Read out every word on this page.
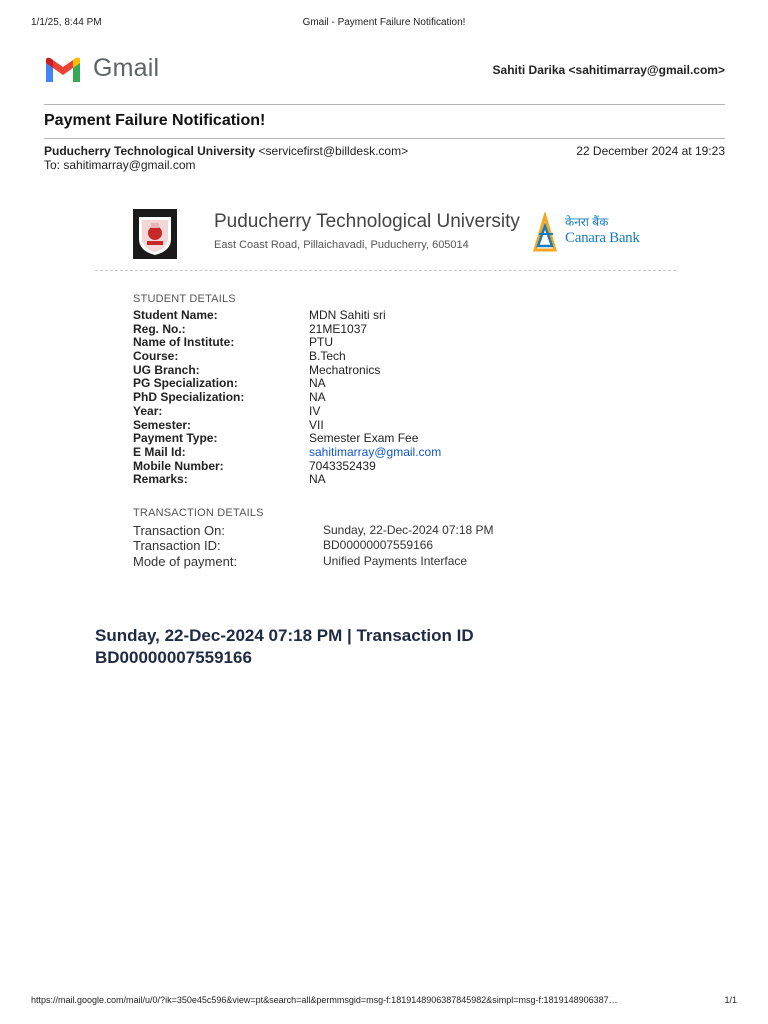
1/1/25, 8:44 PM	Gmail - Payment Failure Notification!
Gmail	Sahiti Darika <sahitimarray@gmail.com>
Payment Failure Notification!
Puducherry Technological University <servicefirst@billdesk.com>
To: sahitimarray@gmail.com
22 December 2024 at 19:23
Puducherry Technological University
East Coast Road, Pillaichavadi, Puducherry, 605014
केनरा बैंक
Canara Bank
STUDENT DETAILS
Student Name:	MDN Sahiti sri
Reg. No.:	21ME1037
Name of Institute:	PTU
Course:	B.Tech
UG Branch:	Mechatronics
PG Specialization:	NA
PhD Specialization:	NA
Year:	IV
Semester:	VII
Payment Type:	Semester Exam Fee
E Mail Id:	sahitimarray@gmail.com
Mobile Number:	7043352439
Remarks:	NA
TRANSACTION DETAILS
Transaction On:	Sunday, 22-Dec-2024 07:18 PM
Transaction ID:	BD00000007559166
Mode of payment:	Unified Payments Interface
Sunday, 22-Dec-2024 07:18 PM | Transaction ID
BD00000007559166
https://mail.google.com/mail/u/0/?ik=350e45c596&view=pt&search=all&permmsgid=msg-f:1819148906387845982&simpl=msg-f:1819148906387…	1/1
